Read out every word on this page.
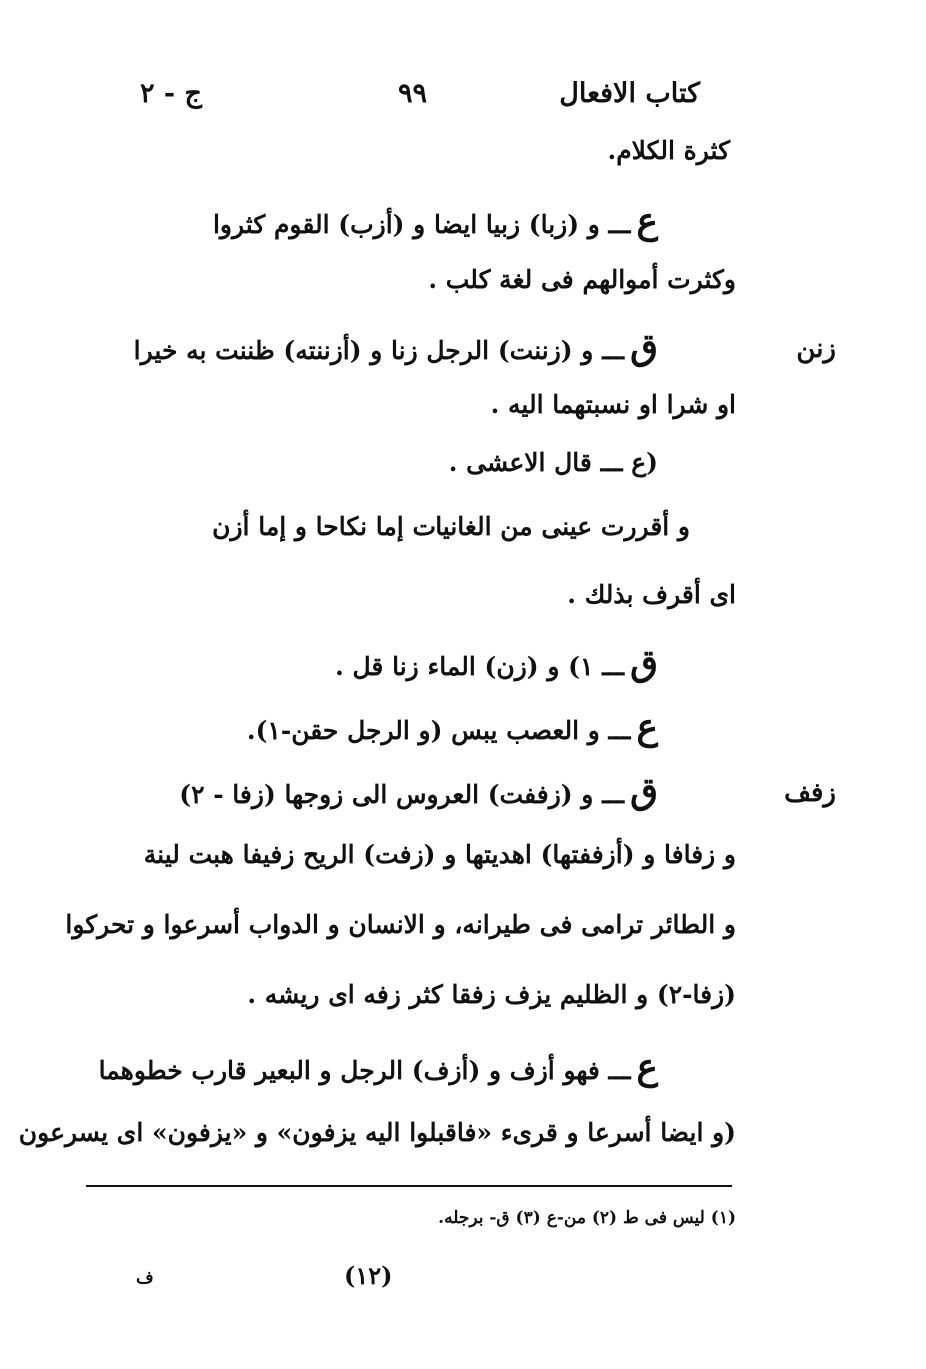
كتاب الافعال
٩٩
ج - ٢
زنن
زفف
كثرة الكلام.
عـــ و (زبا) زبيا ايضا و (أزب) القوم كثروا
وكثرت أموالهم فى لغة كلب .
قـــ و (زننت) الرجل زنا و (أزننته) ظننت به خيرا
او شرا او نسبتهما اليه .
(ع ـــ قال الاعشى .
و أقررت عينى من الغانيا
ت إما نكاحا و إما أزن
اى أقرف بذلك .
قـــ ١) و (زن) الماء زنا قل .
عـــ و العصب يبس (و الرجل حقن-١).
قـــ و (زففت) العروس الى زوجها (زفا - ٢)
و زفافا و (أزففتها) اهديتها و (زفت) الريح زفيفا هبت لينة
و الطائر ترامى فى طيرانه، و الانسان و الدواب أسرعوا و تحركوا
(زفا-٢) و الظليم يزف زفقا كثر زفه اى ريشه .
عـــ فهو أزف و (أزف) الرجل و البعير قارب خطوهما
(و ايضا أسرعا و قرىء «فاقبلوا اليه يزفون» و «يزفون» اى يسرعون
(١) ليس فى ط (٢) من-ع (٣) ق- برجله.
(١٢)
ف
